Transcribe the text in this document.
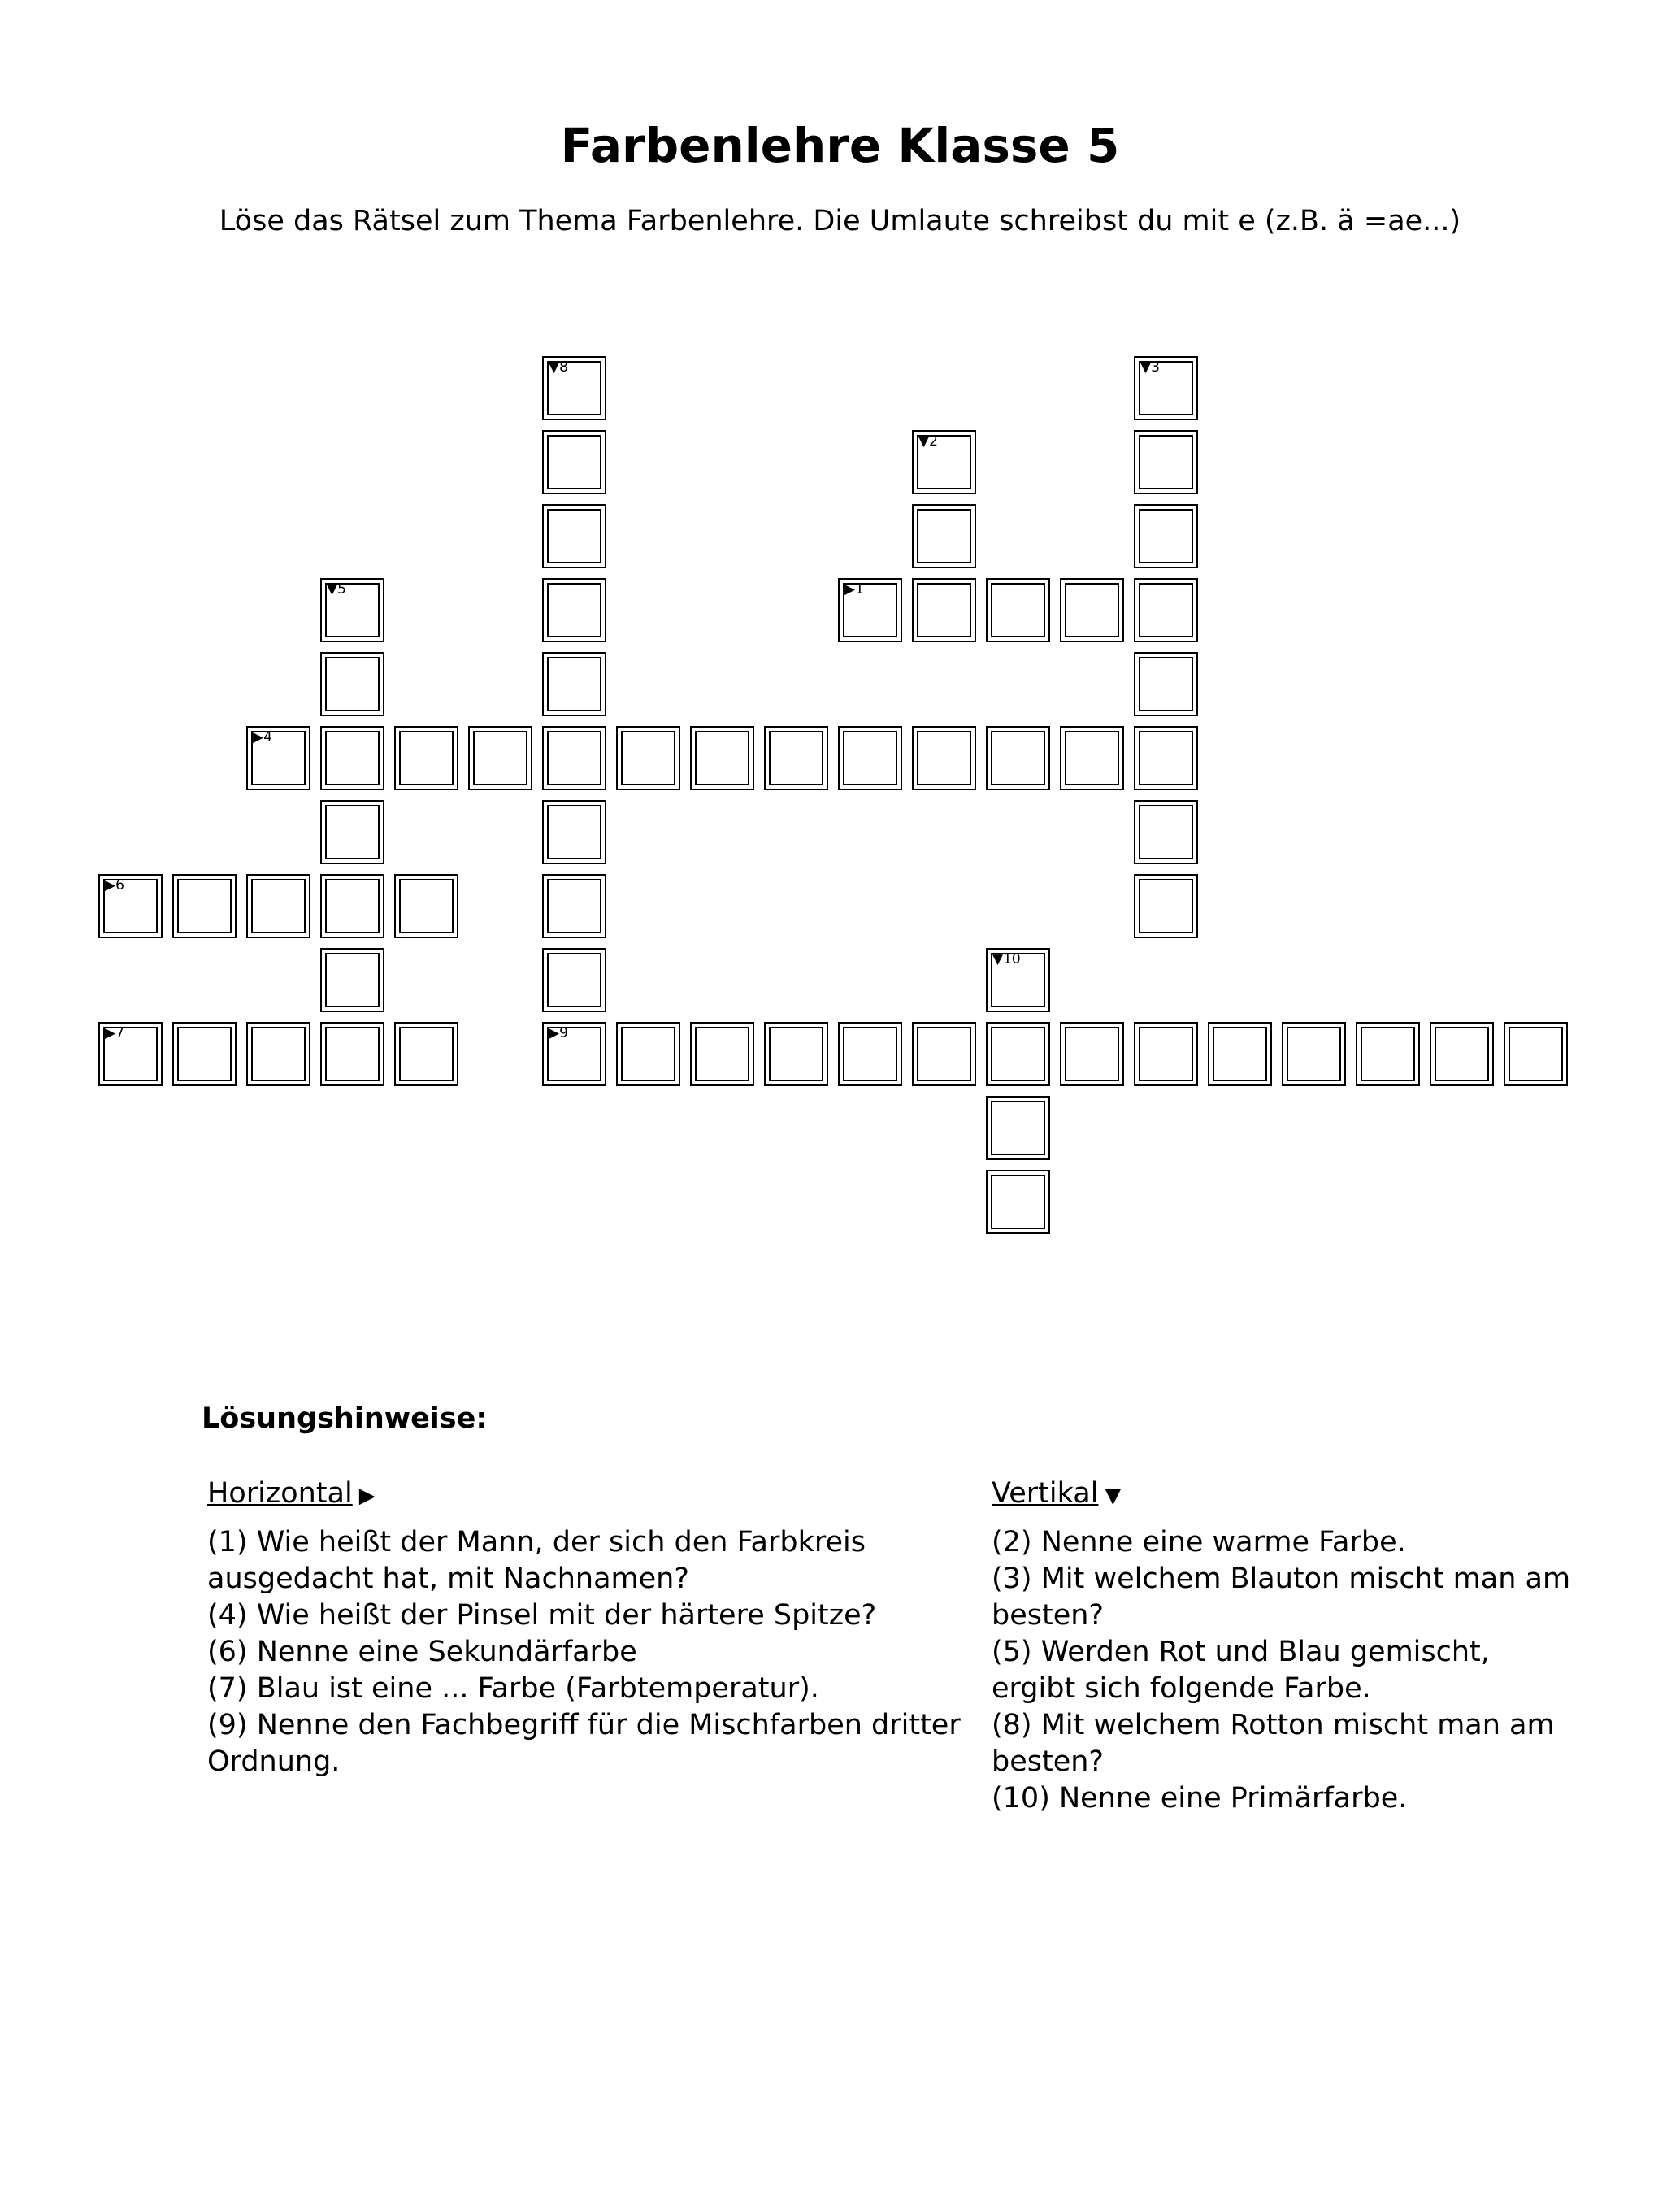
Farbenlehre Klasse 5

Löse das Rätsel zum Thema Farbenlehre. Die Umlaute schreibst du mit e (z.B. ä =ae...)

▼8	▼3
▼2
▼5	▶1
▶4
▶6
▼10
▶7	▶9

Lösungshinweise:

Horizontal ▶

(1) Wie heißt der Mann, der sich den Farbkreis

ausgedacht hat, mit Nachnamen?

(4) Wie heißt der Pinsel mit der härtere Spitze?

(6) Nenne eine Sekundärfarbe

(7) Blau ist eine ... Farbe (Farbtemperatur).

(9) Nenne den Fachbegriff für die Mischfarben dritter

Ordnung.

Vertikal ▼

(2) Nenne eine warme Farbe.

(3) Mit welchem Blauton mischt man am

besten?

(5) Werden Rot und Blau gemischt,

ergibt sich folgende Farbe.

(8) Mit welchem Rotton mischt man am

besten?

(10) Nenne eine Primärfarbe.
